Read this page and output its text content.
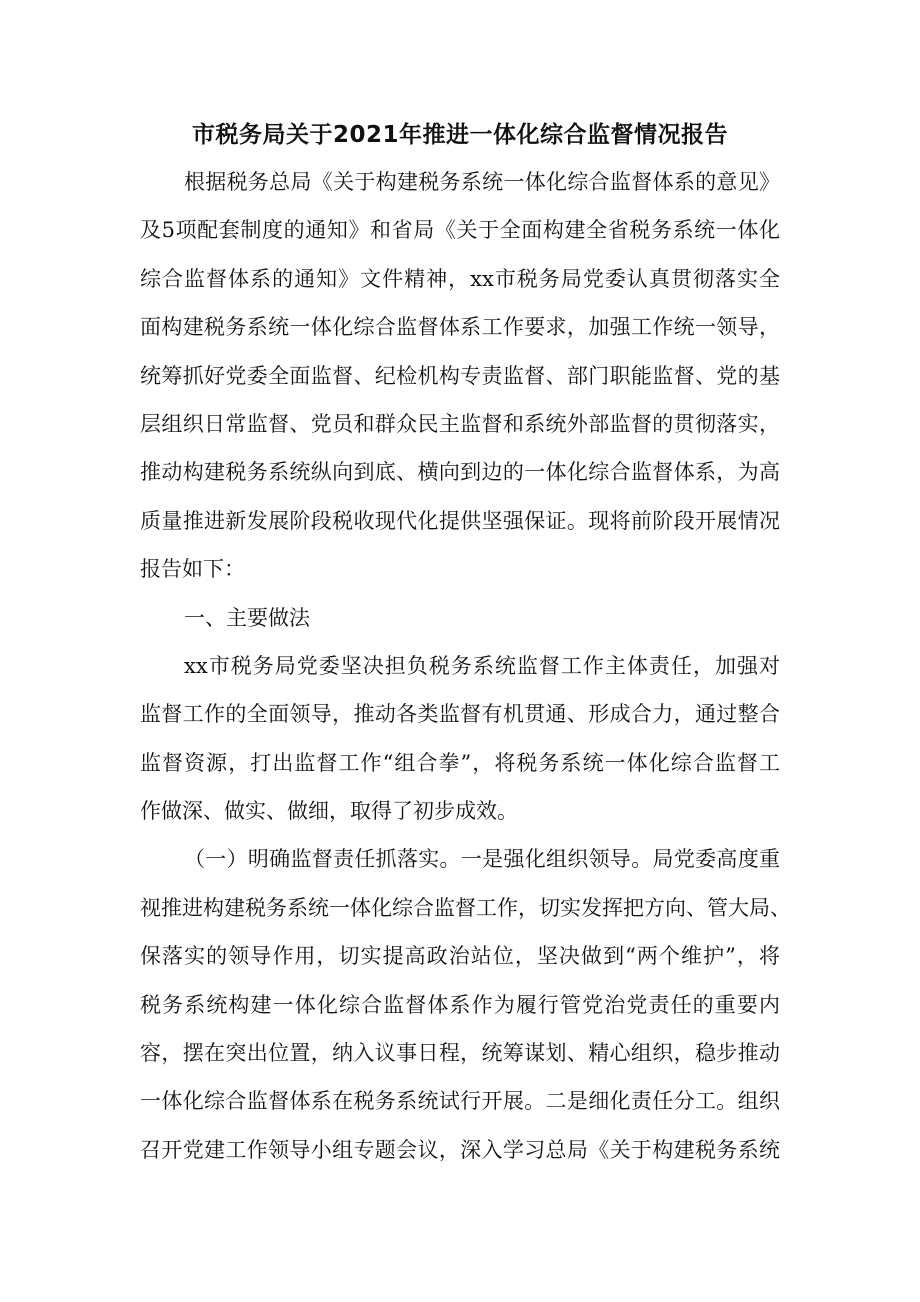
市税务局关于2021年推进一体化综合监督情况报告
根据税务总局《关于构建税务系统一体化综合监督体系的意见》
及5项配套制度的通知》和省局《关于全面构建全省税务系统一体化
综合监督体系的通知》文件精神，xx市税务局党委认真贯彻落实全
面构建税务系统一体化综合监督体系工作要求，加强工作统一领导，
统筹抓好党委全面监督、纪检机构专责监督、部门职能监督、党的基
层组织日常监督、党员和群众民主监督和系统外部监督的贯彻落实，
推动构建税务系统纵向到底、横向到边的一体化综合监督体系，为高
质量推进新发展阶段税收现代化提供坚强保证。现将前阶段开展情况
报告如下：
一、主要做法
xx市税务局党委坚决担负税务系统监督工作主体责任，加强对
监督工作的全面领导，推动各类监督有机贯通、形成合力，通过整合
监督资源，打出监督工作“组合拳”，将税务系统一体化综合监督工
作做深、做实、做细，取得了初步成效。
（一）明确监督责任抓落实。一是强化组织领导。局党委高度重
视推进构建税务系统一体化综合监督工作，切实发挥把方向、管大局、
保落实的领导作用，切实提高政治站位，坚决做到“两个维护”，将
税务系统构建一体化综合监督体系作为履行管党治党责任的重要内
容，摆在突出位置，纳入议事日程，统筹谋划、精心组织，稳步推动
一体化综合监督体系在税务系统试行开展。二是细化责任分工。组织
召开党建工作领导小组专题会议，深入学习总局《关于构建税务系统
